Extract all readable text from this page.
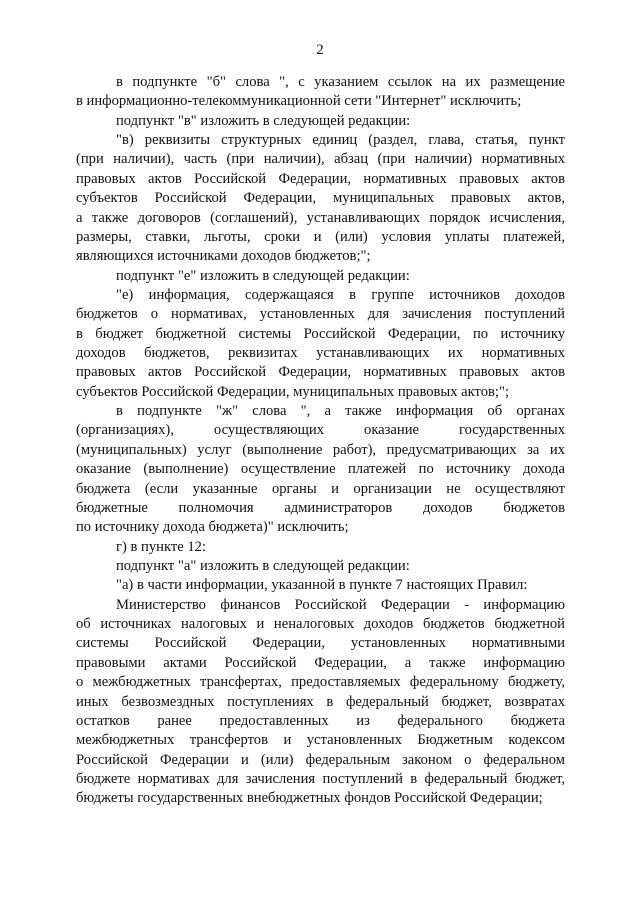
2
в подпункте "б" слова ", с указанием ссылок на их размещение
в информационно-телекоммуникационной сети "Интернет" исключить;
подпункт "в" изложить в следующей редакции:
"в) реквизиты структурных единиц (раздел, глава, статья, пункт
(при наличии), часть (при наличии), абзац (при наличии) нормативных
правовых актов Российской Федерации, нормативных правовых актов
субъектов Российской Федерации, муниципальных правовых актов,
а также договоров (соглашений), устанавливающих порядок исчисления,
размеры, ставки, льготы, сроки и (или) условия уплаты платежей,
являющихся источниками доходов бюджетов;";
подпункт "е" изложить в следующей редакции:
"е) информация, содержащаяся в группе источников доходов
бюджетов о нормативах, установленных для зачисления поступлений
в бюджет бюджетной системы Российской Федерации, по источнику
доходов бюджетов, реквизитах устанавливающих их нормативных
правовых актов Российской Федерации, нормативных правовых актов
субъектов Российской Федерации, муниципальных правовых актов;";
в подпункте "ж" слова ", а также информация об органах
(организациях), осуществляющих оказание государственных
(муниципальных) услуг (выполнение работ), предусматривающих за их
оказание (выполнение) осуществление платежей по источнику дохода
бюджета (если указанные органы и организации не осуществляют
бюджетные полномочия администраторов доходов бюджетов
по источнику дохода бюджета)" исключить;
г) в пункте 12:
подпункт "а" изложить в следующей редакции:
"а) в части информации, указанной в пункте 7 настоящих Правил:
Министерство финансов Российской Федерации - информацию
об источниках налоговых и неналоговых доходов бюджетов бюджетной
системы Российской Федерации, установленных нормативными
правовыми актами Российской Федерации, а также информацию
о межбюджетных трансфертах, предоставляемых федеральному бюджету,
иных безвозмездных поступлениях в федеральный бюджет, возвратах
остатков ранее предоставленных из федерального бюджета
межбюджетных трансфертов и установленных Бюджетным кодексом
Российской Федерации и (или) федеральным законом о федеральном
бюджете нормативах для зачисления поступлений в федеральный бюджет,
бюджеты государственных внебюджетных фондов Российской Федерации;
